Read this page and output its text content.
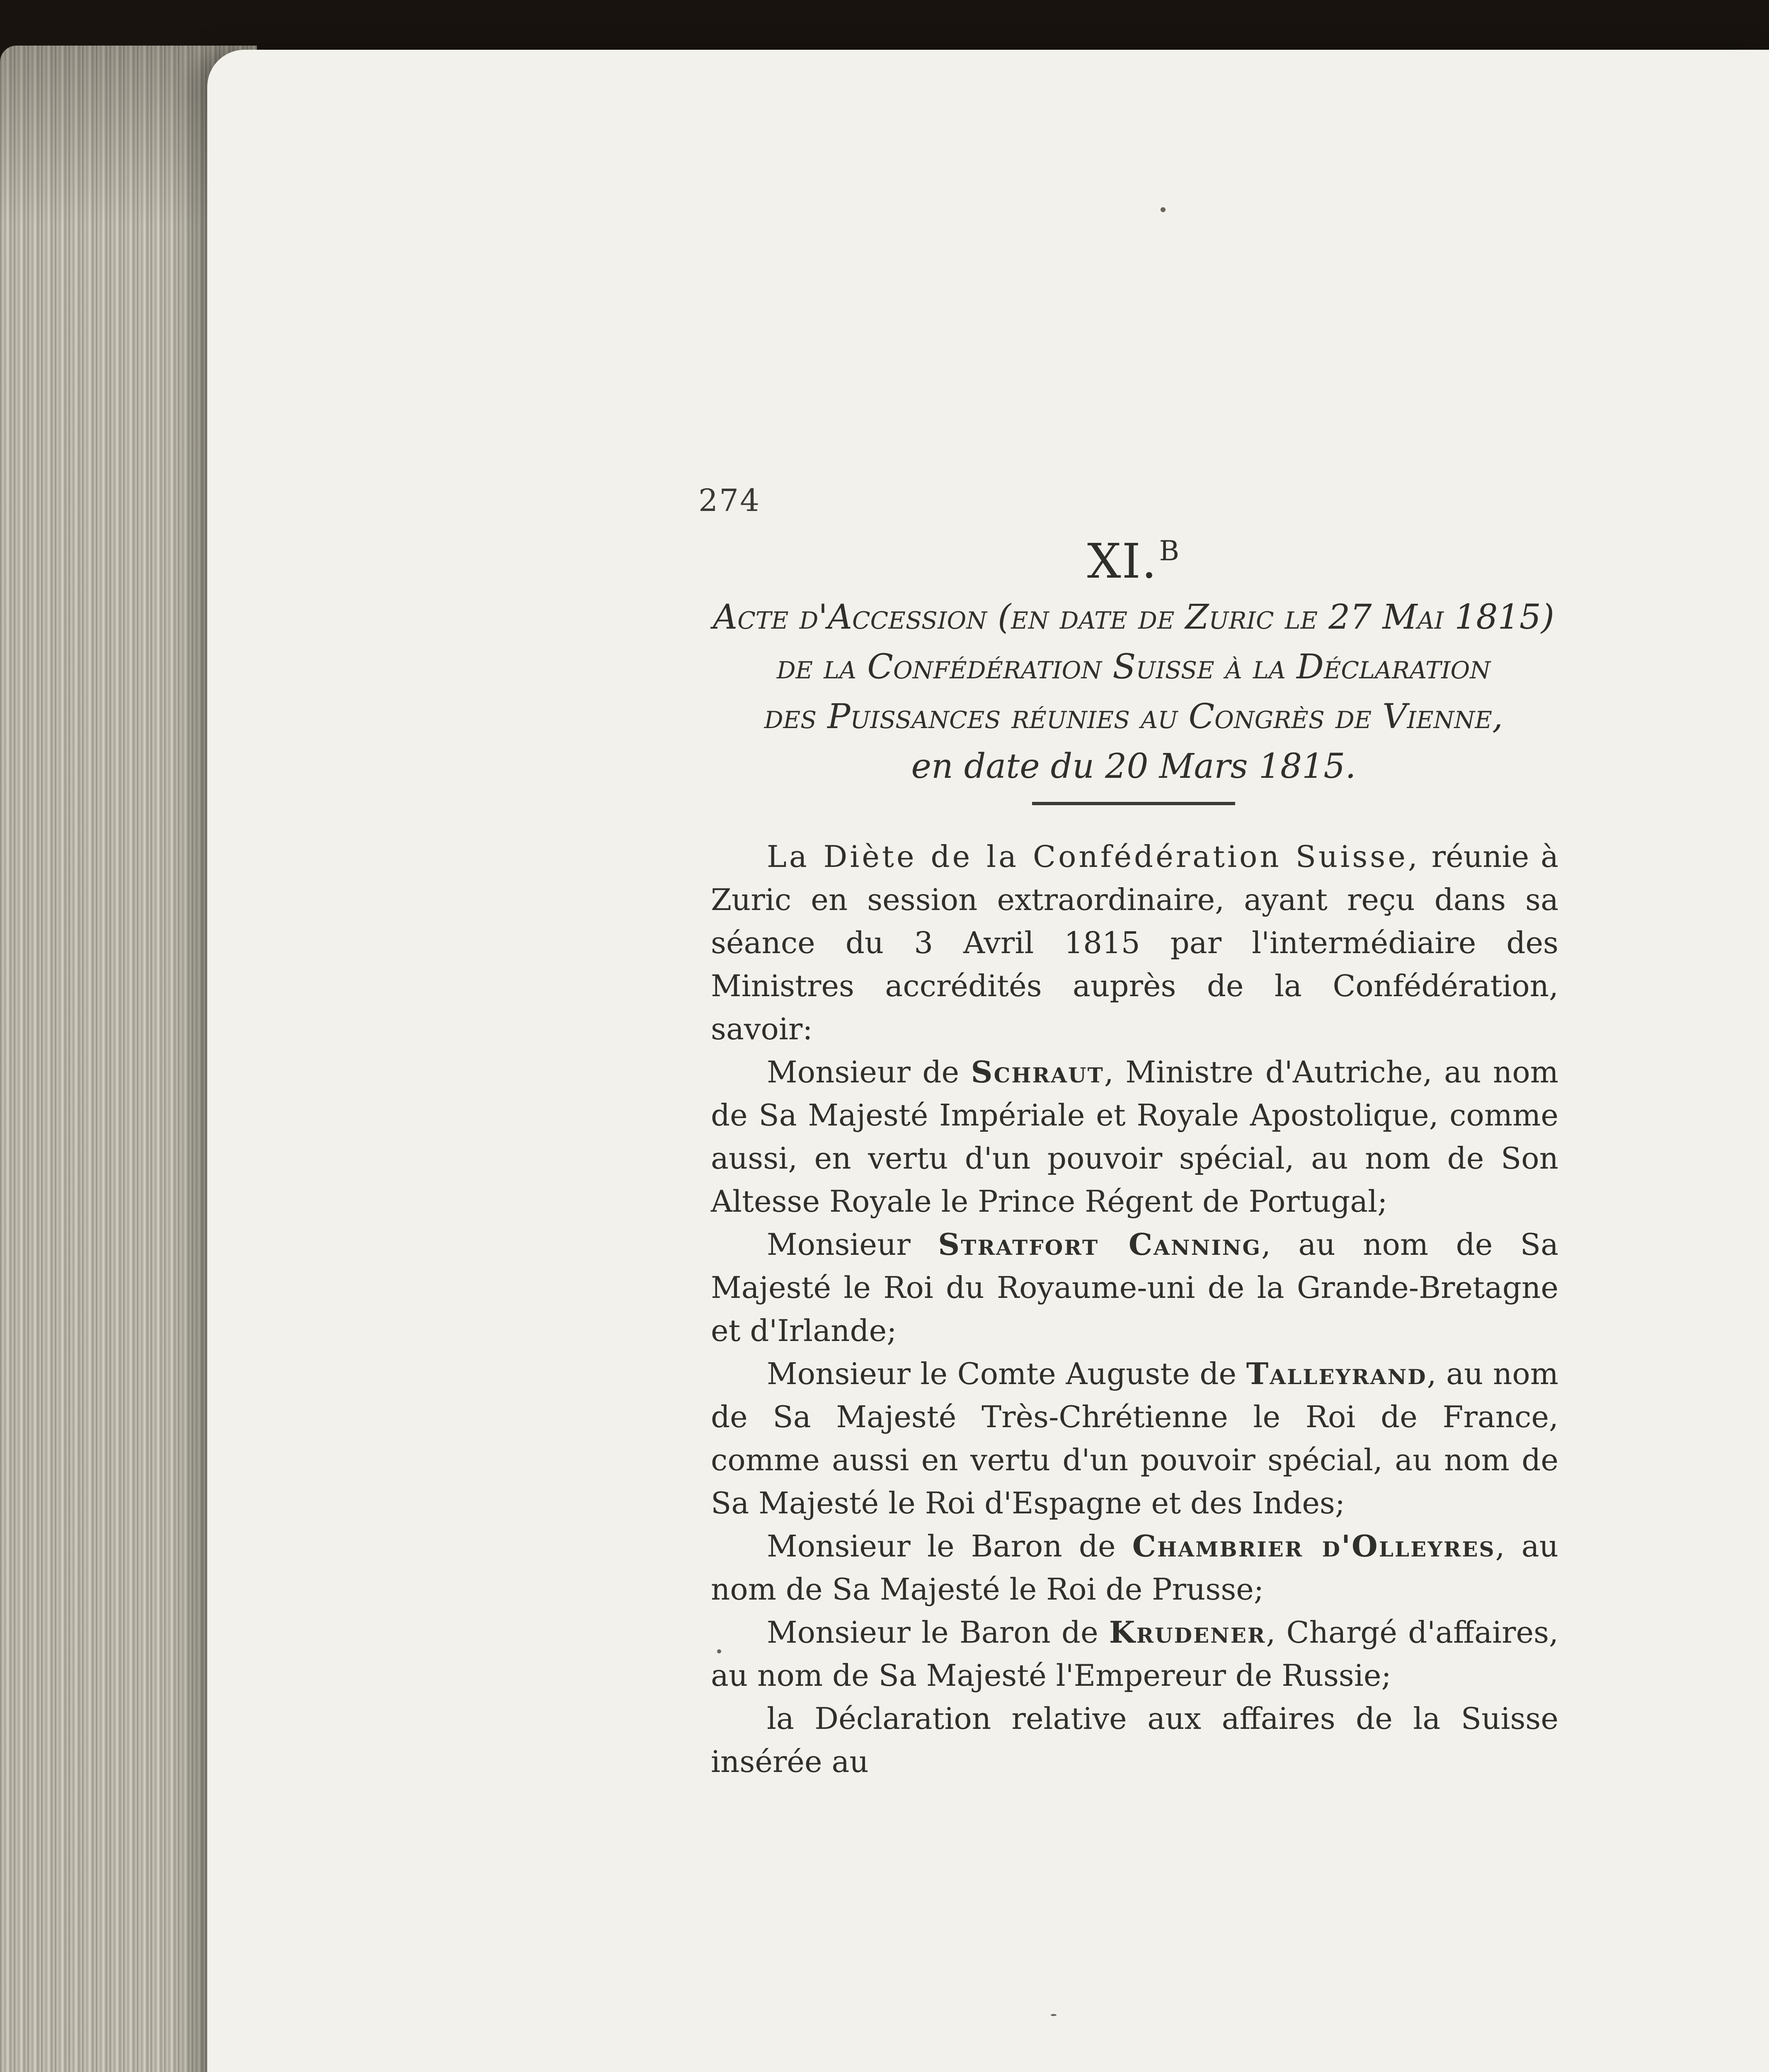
274
XI.$^B$
Acte d'Accession (en date de Zuric le 27 Mai 1815)
de la Confédération Suisse à la Déclaration
des Puissances réunies au Congrès de Vienne,
en date du 20 Mars 1815.

La Diète de la Confédération Suisse, réunie à Zuric en session extraordinaire, ayant reçu dans sa séance du 3 Avril 1815 par l'intermédiaire des Ministres accrédités auprès de la Confédération, savoir:

Monsieur de Schraut, Ministre d'Autriche, au nom de Sa Majesté Impériale et Royale Apostolique, comme aussi, en vertu d'un pouvoir spécial, au nom de Son Altesse Royale le Prince Régent de Portugal;

Monsieur Stratfort Canning, au nom de Sa Majesté le Roi du Royaume-uni de la Grande-Bretagne et d'Irlande;

Monsieur le Comte Auguste de Talleyrand, au nom de Sa Majesté Très-Chrétienne le Roi de France, comme aussi en vertu d'un pouvoir spécial, au nom de Sa Majesté le Roi d'Espagne et des Indes;

Monsieur le Baron de Chambrier d'Olleyres, au nom de Sa Majesté le Roi de Prusse;

Monsieur le Baron de Krudener, Chargé d'affaires, au nom de Sa Majesté l'Empereur de Russie;

la Déclaration relative aux affaires de la Suisse insérée au
